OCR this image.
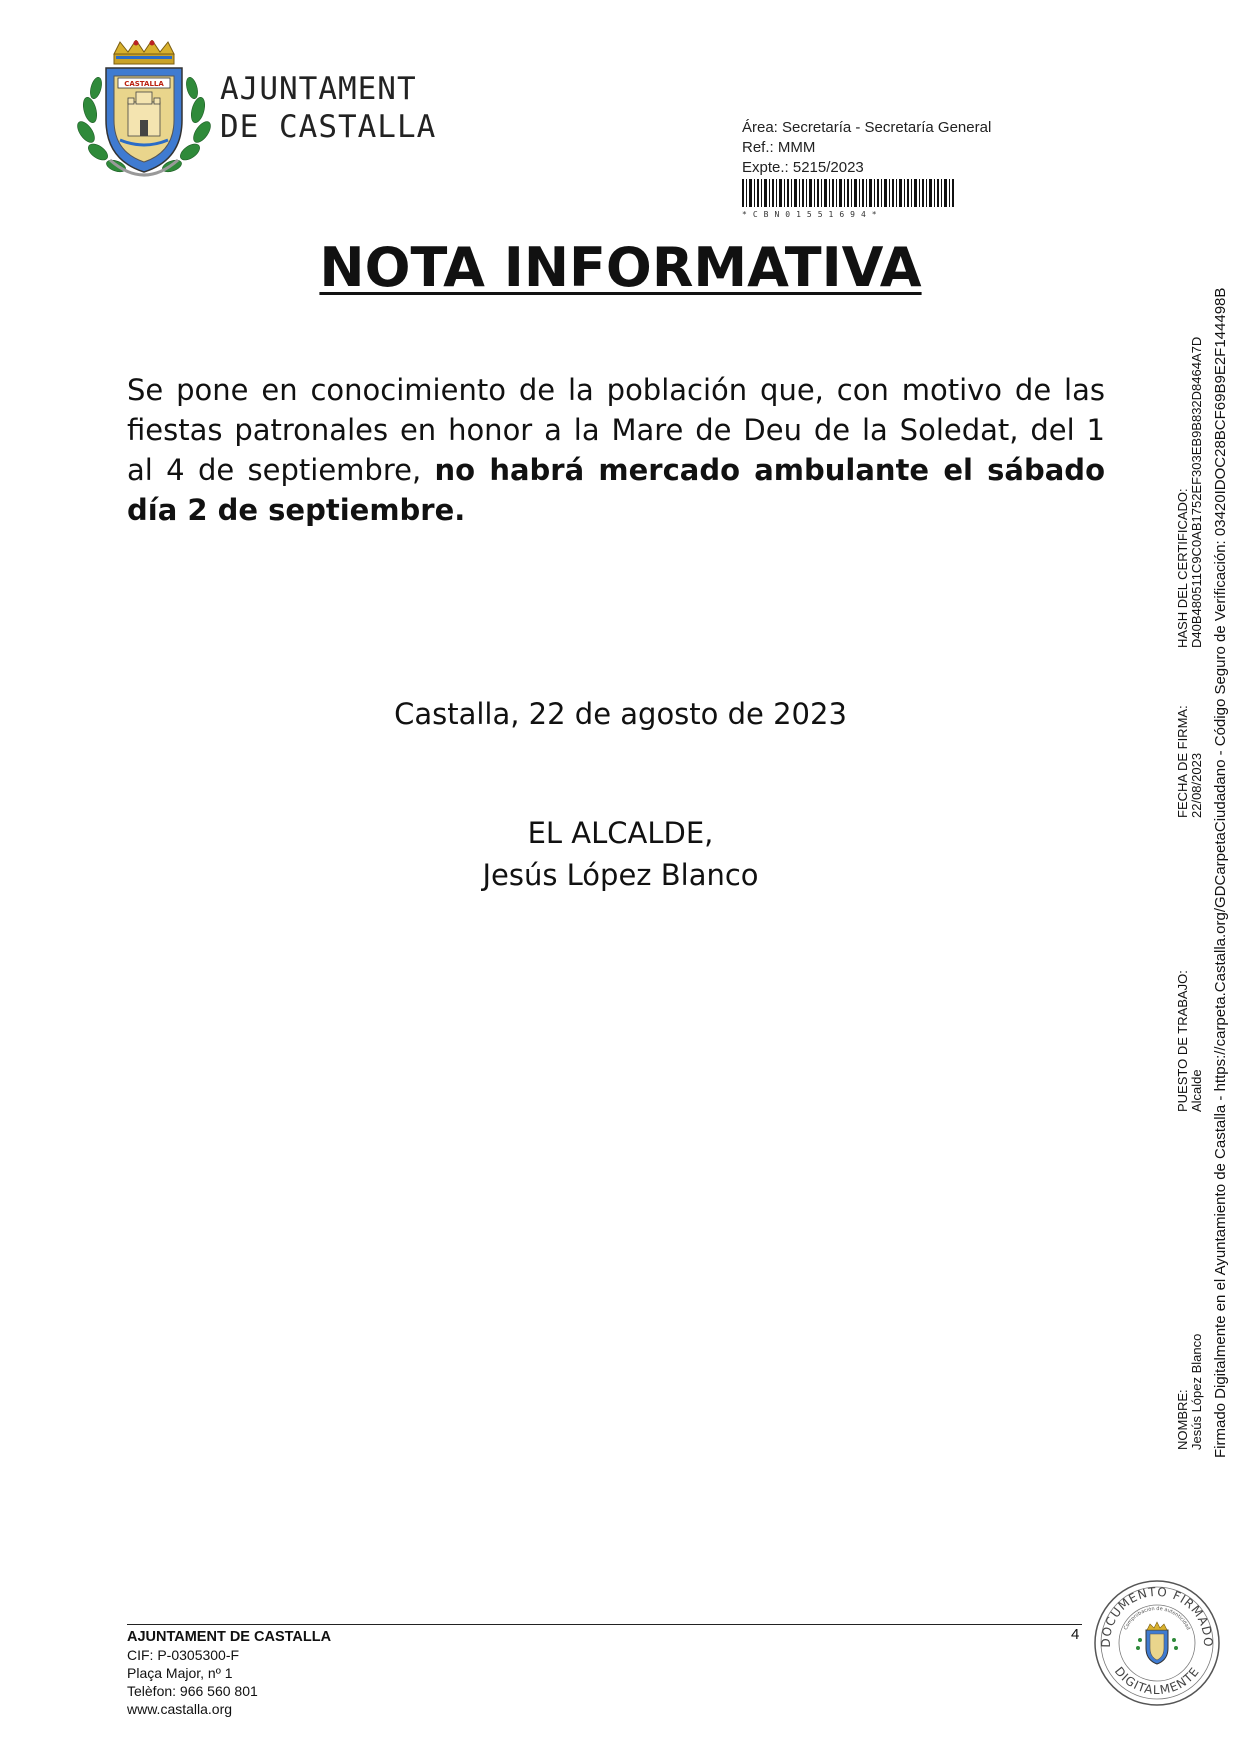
CASTALLA AJUNTAMENT
DE CASTALLA	Área: Secretaría - Secretaría General
Ref.: MMM
Expte.: 5215/2023
*CBN01551694*
NOTA INFORMATIVA
Se pone en conocimiento de la población que, con motivo de las fiestas patronales en honor a la Mare de Deu de la Soledat, del 1 al 4 de septiembre, no habrá mercado ambulante el sábado día 2 de septiembre.
Castalla, 22 de agosto de 2023
EL ALCALDE,
Jesús López Blanco
NOMBRE: Jesús López Blanco
PUESTO DE TRABAJO: Alcalde
FECHA DE FIRMA: 22/08/2023
HASH DEL CERTIFICADO: D40B480511C9C0AB1752EF303EB9B832D8464A7D Firmado Digitalmente en el Ayuntamiento de Castalla - https://carpeta.Castalla.org/GDCarpetaCiudadano - Código Seguro de Verificación: 03420IDOC28BCF69B9E2F144498B
AJUNTAMENT DE CASTALLA
CIF: P-0305300-F
Plaça Major, nº 1
Telèfon: 966 560 801
www.castalla.org
4 DOCUMENTO FIRMADO
DIGITALMENTE
Comprobación de autenticidad
